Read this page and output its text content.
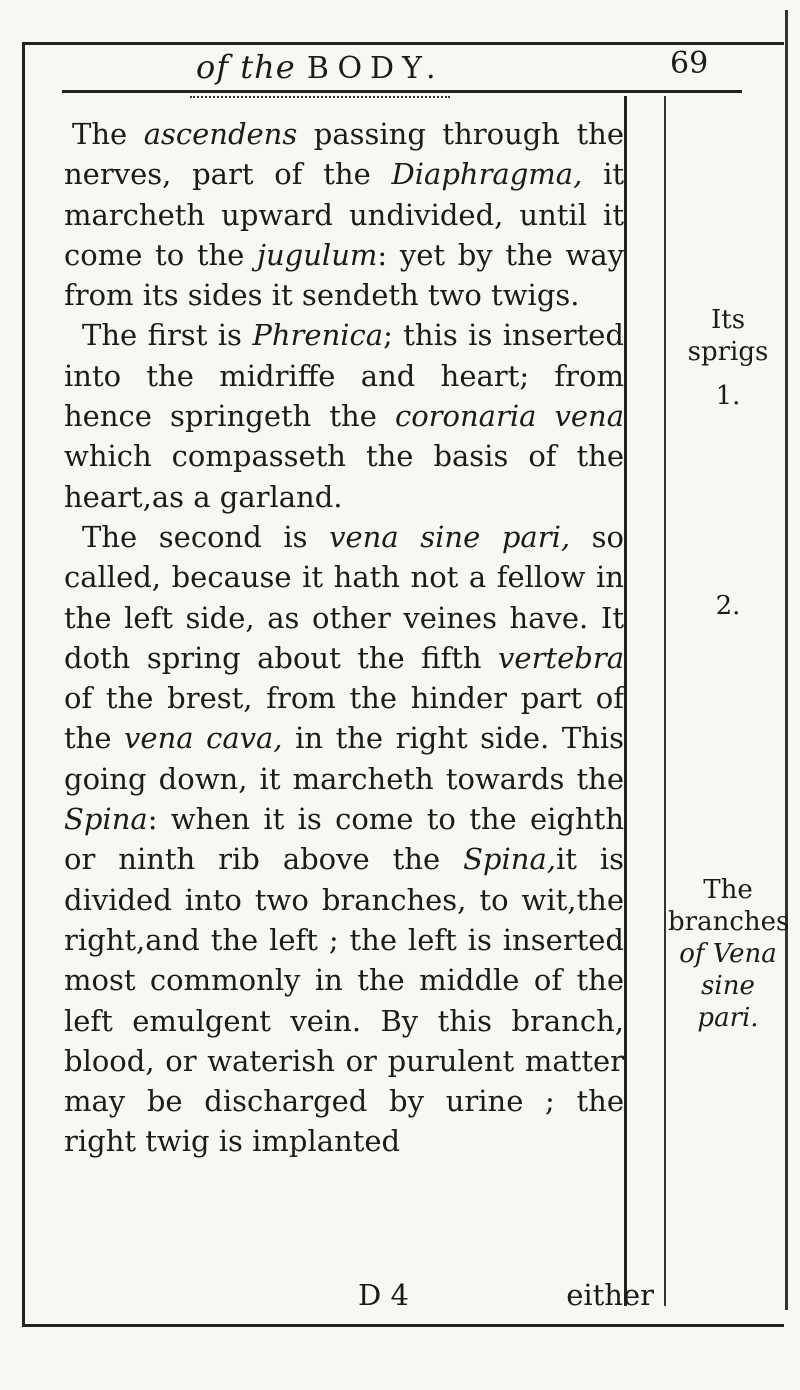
of the BODY.	69

The ascendens passing through the nerves, part of the Diaphragma, it marcheth upward undivided, until it come to the jugulum: yet by the way from its sides it sendeth two twigs.

The first is Phrenica; this is inserted into the midriffe and heart; from hence springeth the coronaria vena which compasseth the basis of the heart,as a garland.

The second is vena sine pari, so called, because it hath not a fellow in the left side, as other veines have. It doth spring about the fifth vertebra of the brest, from the hinder part of the vena cava, in the right side. This going down, it marcheth towards the Spina: when it is come to the eighth or ninth rib above the Spina,it is divided into two branches, to wit,the right,and the left ; the left is inserted most commonly in the middle of the left emulgent vein. By this branch, blood, or waterish or purulent matter may be discharged by urine ; the right twig is implanted

Its sprigs
1.
2.
The
branches
of Vena
sine pari.
D 4	either
